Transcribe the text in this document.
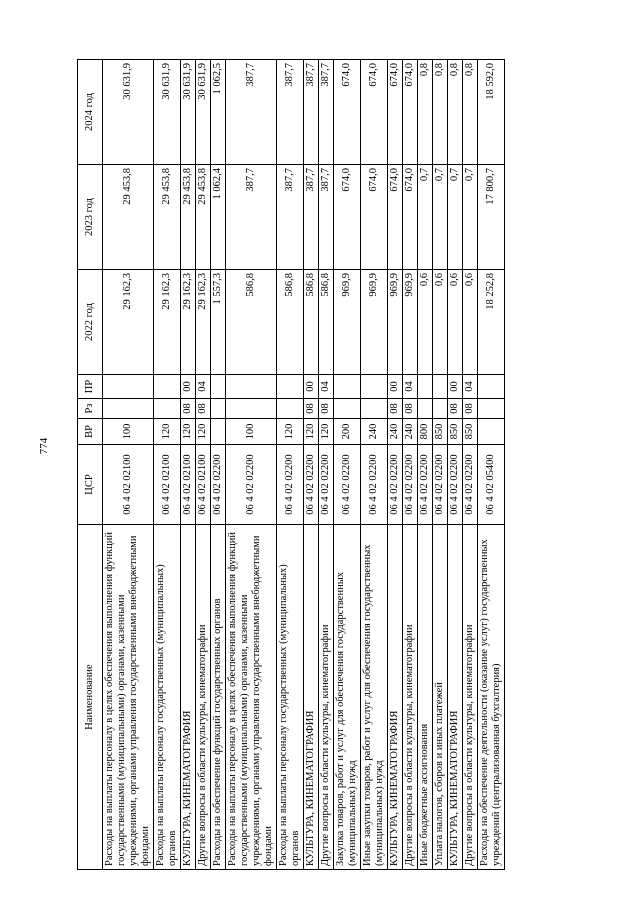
774
Наименование	ЦСР	ВР	Рз	ПР	2022 год	2023 год	2024 год
Расходы на выплаты персоналу в целях обеспечения выполнения функций государственными (муниципальными) органами, казенными учреждениями, органами управления государственными внебюджетными фондами	06 4 02 02100	100			29 162,3	29 453,8	30 631,9
Расходы на выплаты персоналу государственных (муниципальных) органов	06 4 02 02100	120			29 162,3	29 453,8	30 631,9
КУЛЬТУРА, КИНЕМАТОГРАФИЯ	06 4 02 02100	120	08	00	29 162,3	29 453,8	30 631,9
Другие вопросы в области культуры, кинематографии	06 4 02 02100	120	08	04	29 162,3	29 453,8	30 631,9
Расходы на обеспечение функций государственных органов	06 4 02 02200				1 557,3	1 062,4	1 062,5
Расходы на выплаты персоналу в целях обеспечения выполнения функций государственными (муниципальными) органами, казенными учреждениями, органами управления государственными внебюджетными фондами	06 4 02 02200	100			586,8	387,7	387,7
Расходы на выплаты персоналу государственных (муниципальных) органов	06 4 02 02200	120			586,8	387,7	387,7
КУЛЬТУРА, КИНЕМАТОГРАФИЯ	06 4 02 02200	120	08	00	586,8	387,7	387,7
Другие вопросы в области культуры, кинематографии	06 4 02 02200	120	08	04	586,8	387,7	387,7
Закупка товаров, работ и услуг для обеспечения государственных (муниципальных) нужд	06 4 02 02200	200			969,9	674,0	674,0
Иные закупки товаров, работ и услуг для обеспечения государственных (муниципальных) нужд	06 4 02 02200	240			969,9	674,0	674,0
КУЛЬТУРА, КИНЕМАТОГРАФИЯ	06 4 02 02200	240	08	00	969,9	674,0	674,0
Другие вопросы в области культуры, кинематографии	06 4 02 02200	240	08	04	969,9	674,0	674,0
Иные бюджетные ассигнования	06 4 02 02200	800			0,6	0,7	0,8
Уплата налогов, сборов и иных платежей	06 4 02 02200	850			0,6	0,7	0,8
КУЛЬТУРА, КИНЕМАТОГРАФИЯ	06 4 02 02200	850	08	00	0,6	0,7	0,8
Другие вопросы в области культуры, кинематографии	06 4 02 02200	850	08	04	0,6	0,7	0,8
Расходы на обеспечение деятельности (оказание услуг) государственных учреждений (централизованная бухгалтерия)	06 4 02 05400				18 252,8	17 800,7	18 592,0
